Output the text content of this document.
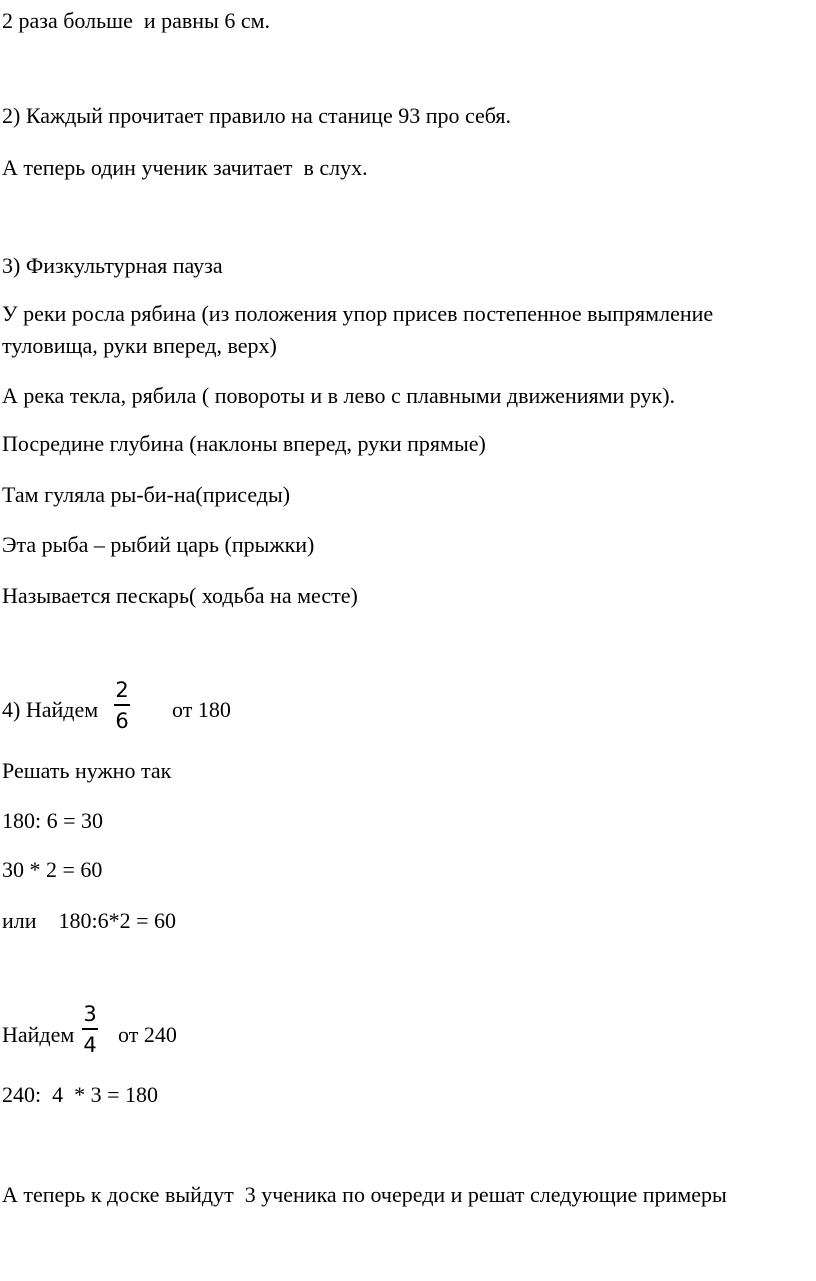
2 раза больше  и равны 6 см.
2) Каждый прочитает правило на станице 93 про себя.
А теперь один ученик зачитает  в слух.
3) Физкультурная пауза
У реки росла рябина (из положения упор присев постепенное выпрямление
туловища, руки вперед, верх)
А река текла, рябила ( повороты и в лево с плавными движениями рук).
Посредине глубина (наклоны вперед, руки прямые)
Там гуляла ры-би-на(приседы)
Эта рыба – рыбий царь (прыжки)
Называется пескарь( ходьба на месте)
4) Найдем
2
6 от 180
Решать нужно так
180: 6 = 30
30 * 2 = 60
или    180:6*2 = 60
Найдем
3
4 от 240
240:  4  * 3 = 180
А теперь к доске выйдут  3 ученика по очереди и решат следующие примеры
